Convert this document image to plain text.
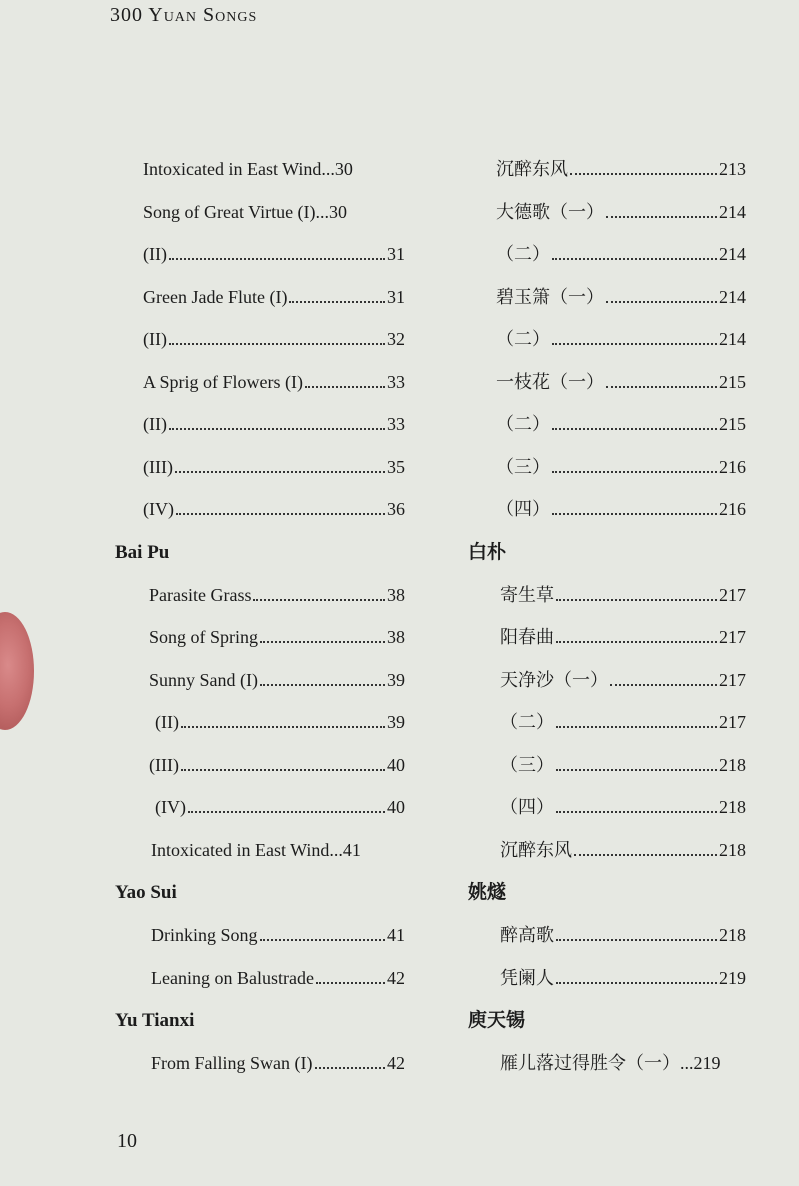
300 Yuan Songs
Intoxicated in East Wind ... 30
Song of Great Virtue (I) ... 30
(II)	31
Green Jade Flute (I)	31
(II)	32
A Sprig of Flowers (I)	33
(II)	33
(III)	35
(IV)	36
Bai Pu
Parasite Grass	38
Song of Spring	38
Sunny Sand (I)	39
(II)	39
(III)	40
(IV)	40
Intoxicated in East Wind ... 41
Yao Sui
Drinking Song	41
Leaning on Balustrade	42
Yu Tianxi
From Falling Swan (I)	42
沉醉东风	213
大德歌（一）	214
（二）	214
碧玉箫（一）	214
（二）	214
一枝花（一）	215
（二）	215
（三）	216
（四）	216
白朴
寄生草	217
阳春曲	217
天净沙（一）	217
（二）	217
（三）	218
（四）	218
沉醉东风	218
姚燧
醉高歌	218
凭阑人	219
庾天锡
雁儿落过得胜令（一） ... 219
10
